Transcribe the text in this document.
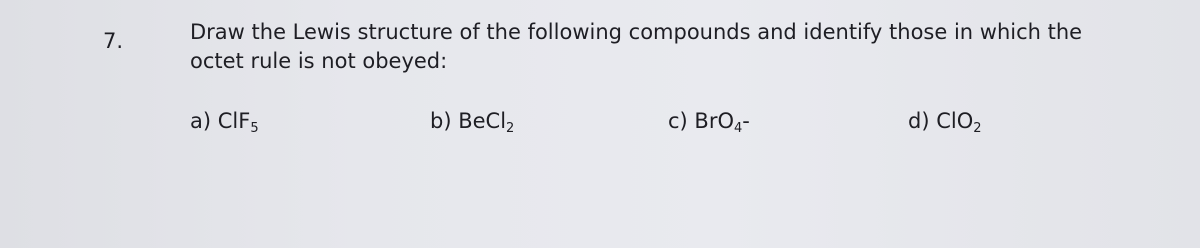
7.	Draw the Lewis structure of the following compounds and identify those in which the
octet rule is not obeyed:
a) ClF$_5$	b) BeCl$_2$	c) BrO$_4$-	d) ClO$_2$
